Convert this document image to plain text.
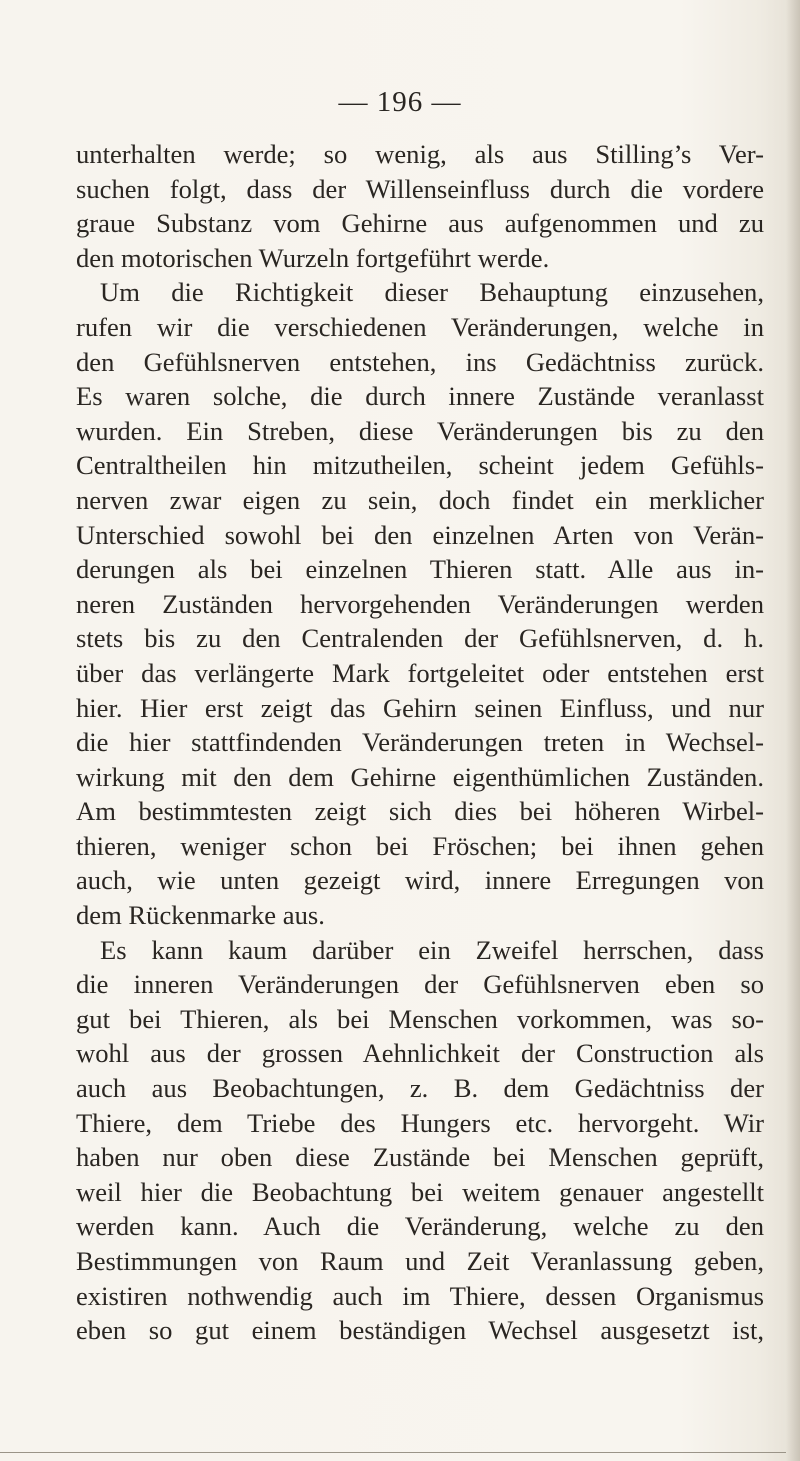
— 196 —
unterhalten werde; so wenig, als aus Stilling’s Ver-
suchen folgt, dass der Willenseinfluss durch die vordere
graue Substanz vom Gehirne aus aufgenommen und zu
den motorischen Wurzeln fortgeführt werde.
Um die Richtigkeit dieser Behauptung einzusehen,
rufen wir die verschiedenen Veränderungen, welche in
den Gefühlsnerven entstehen, ins Gedächtniss zurück.
Es waren solche, die durch innere Zustände veranlasst
wurden. Ein Streben, diese Veränderungen bis zu den
Centraltheilen hin mitzutheilen, scheint jedem Gefühls-
nerven zwar eigen zu sein, doch findet ein merklicher
Unterschied sowohl bei den einzelnen Arten von Verän-
derungen als bei einzelnen Thieren statt. Alle aus in-
neren Zuständen hervorgehenden Veränderungen werden
stets bis zu den Centralenden der Gefühlsnerven, d. h.
über das verlängerte Mark fortgeleitet oder entstehen erst
hier. Hier erst zeigt das Gehirn seinen Einfluss, und nur
die hier stattfindenden Veränderungen treten in Wechsel-
wirkung mit den dem Gehirne eigenthümlichen Zuständen.
Am bestimmtesten zeigt sich dies bei höheren Wirbel-
thieren, weniger schon bei Fröschen; bei ihnen gehen
auch, wie unten gezeigt wird, innere Erregungen von
dem Rückenmarke aus.
Es kann kaum darüber ein Zweifel herrschen, dass
die inneren Veränderungen der Gefühlsnerven eben so
gut bei Thieren, als bei Menschen vorkommen, was so-
wohl aus der grossen Aehnlichkeit der Construction als
auch aus Beobachtungen, z. B. dem Gedächtniss der
Thiere, dem Triebe des Hungers etc. hervorgeht. Wir
haben nur oben diese Zustände bei Menschen geprüft,
weil hier die Beobachtung bei weitem genauer angestellt
werden kann. Auch die Veränderung, welche zu den
Bestimmungen von Raum und Zeit Veranlassung geben,
existiren nothwendig auch im Thiere, dessen Organismus
eben so gut einem beständigen Wechsel ausgesetzt ist,
